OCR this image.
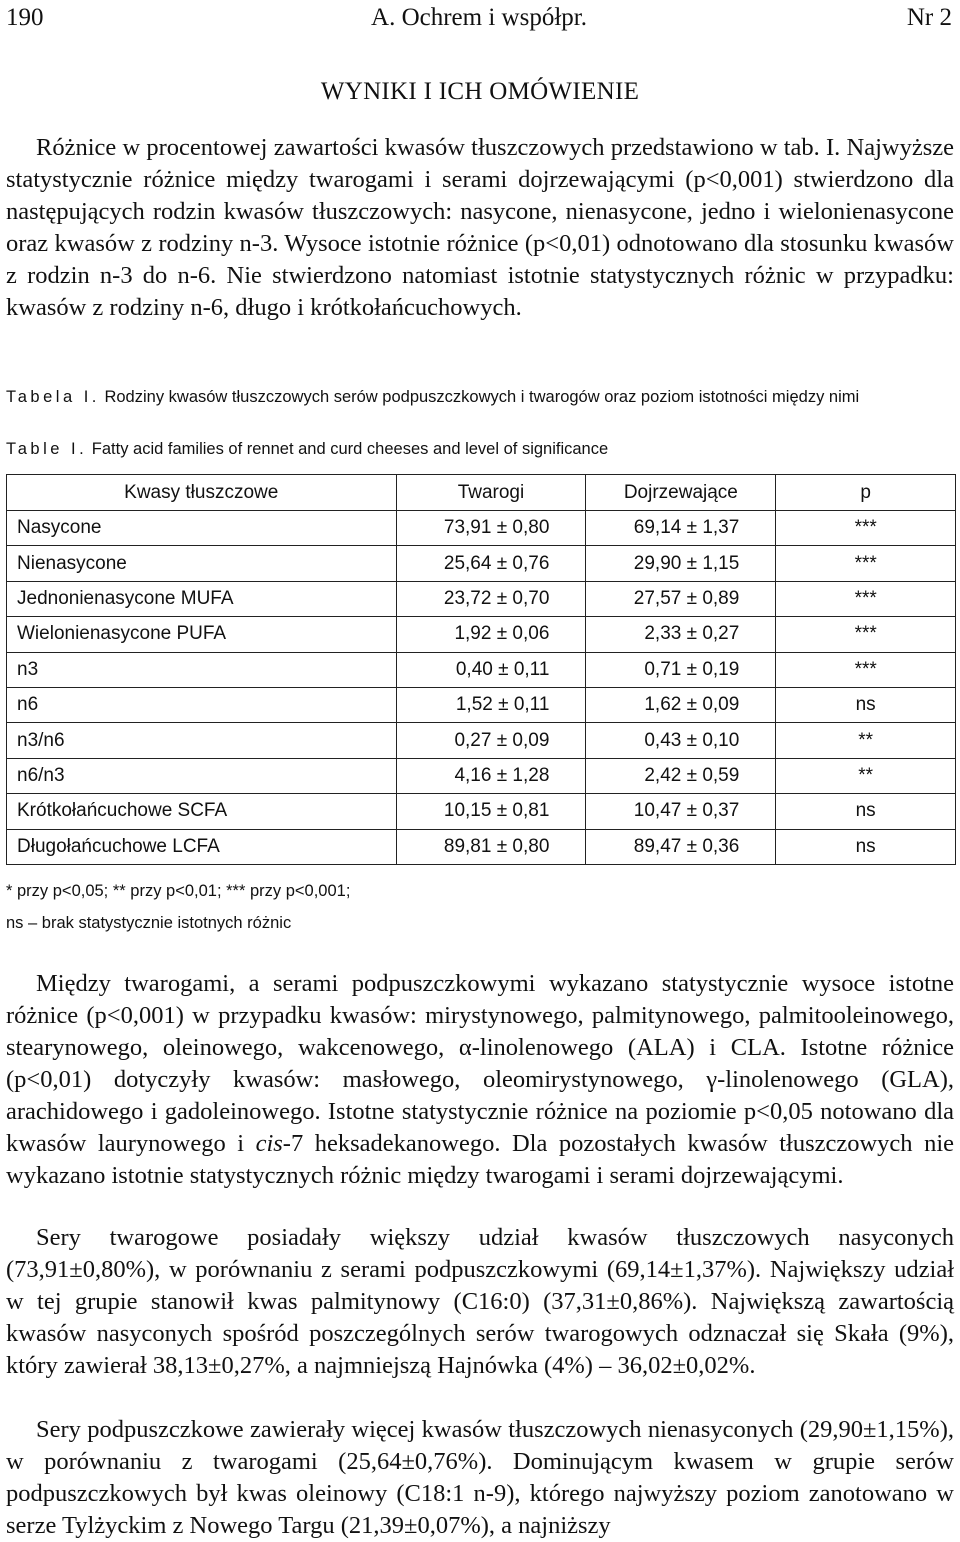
A. Ochrem i współpr.
190	Nr 2
WYNIKI I ICH OMÓWIENIE

Różnice w procentowej zawartości kwasów tłuszczowych przedstawiono w tab. I. Najwyższe statystycznie różnice między twarogami i serami dojrzewającymi (p<0,001) stwierdzono dla następujących rodzin kwasów tłuszczowych: nasycone, nienasycone, jedno i wielonienasycone oraz kwasów z rodziny n-3. Wysoce istotnie różnice (p<0,01) odnotowano dla stosunku kwasów z rodzin n-3 do n-6. Nie stwierdzono natomiast istotnie statystycznych różnic w przypadku: kwasów z rodziny n-6, długo i krótkołańcuchowych.

Tabela I. Rodziny kwasów tłuszczowych serów podpuszczkowych i twarogów oraz poziom istotności między nimi
Table I. Fatty acid families of rennet and curd cheeses and level of significance
Kwasy tłuszczowe	Twarogi	Dojrzewające	p
Nasycone	73,91 ± 0,80	69,14 ± 1,37	***
Nienasycone	25,64 ± 0,76	29,90 ± 1,15	***
Jednonienasycone MUFA	23,72 ± 0,70	27,57 ± 0,89	***
Wielonienasycone PUFA	1,92 ± 0,06	2,33 ± 0,27	***
n3	0,40 ± 0,11	0,71 ± 0,19	***
n6	1,52 ± 0,11	1,62 ± 0,09	ns
n3/n6	0,27 ± 0,09	0,43 ± 0,10	**
n6/n3	4,16 ± 1,28	2,42 ± 0,59	**
Krótkołańcuchowe SCFA	10,15 ± 0,81	10,47 ± 0,37	ns
Długołańcuchowe LCFA	89,81 ± 0,80	89,47 ± 0,36	ns
* przy p<0,05; ** przy p<0,01; *** przy p<0,001;
ns – brak statystycznie istotnych różnic

Między twarogami, a serami podpuszczkowymi wykazano statystycznie wysoce istotne różnice (p<0,001) w przypadku kwasów: mirystynowego, palmitynowego, palmitooleinowego, stearynowego, oleinowego, wakcenowego, α-linolenowego (ALA) i CLA. Istotne różnice (p<0,01) dotyczyły kwasów: masłowego, oleomirystynowego, γ-linolenowego (GLA), arachidowego i gadoleinowego. Istotne statystycznie różnice na poziomie p<0,05 notowano dla kwasów laurynowego i cis-7 heksadekanowego. Dla pozostałych kwasów tłuszczowych nie wykazano istotnie statystycznych różnic między twarogami i serami dojrzewającymi.

Sery twarogowe posiadały większy udział kwasów tłuszczowych nasyconych (73,91±0,80%), w porównaniu z serami podpuszczkowymi (69,14±1,37%). Największy udział w tej grupie stanowił kwas palmitynowy (C16:0) (37,31±0,86%). Największą zawartością kwasów nasyconych spośród poszczególnych serów twarogowych odznaczał się Skała (9%), który zawierał 38,13±0,27%, a najmniejszą Hajnówka (4%) – 36,02±0,02%.

Sery podpuszczkowe zawierały więcej kwasów tłuszczowych nienasyconych (29,90±1,15%), w porównaniu z twarogami (25,64±0,76%). Dominującym kwasem w grupie serów podpuszczkowych był kwas oleinowy (C18:1 n-9), którego najwyższy poziom zanotowano w serze Tylżyckim z Nowego Targu (21,39±0,07%), a najniższy
